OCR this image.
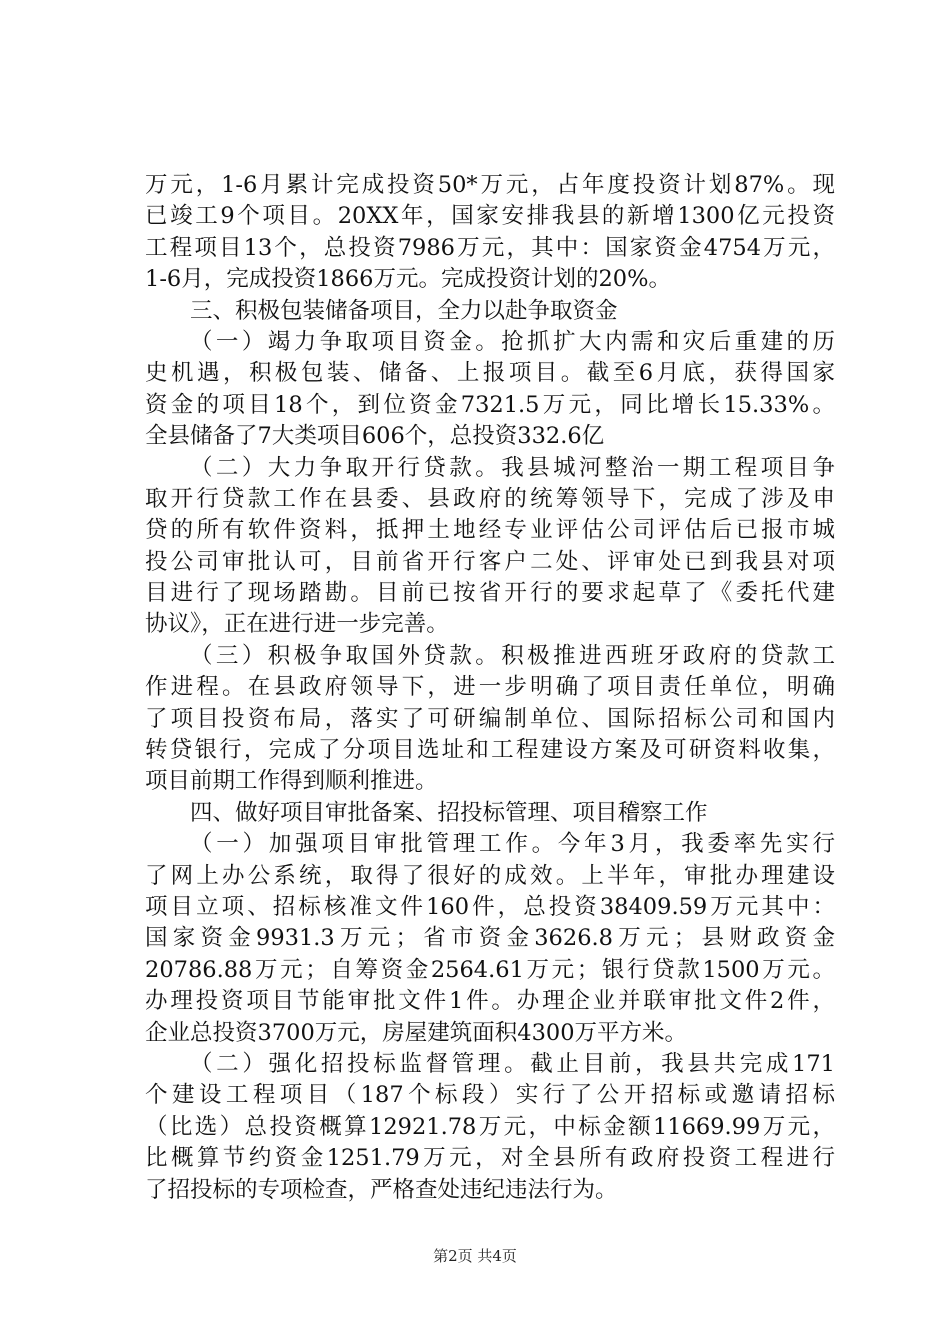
万元，1-6月累计完成投资50*万元，占年度投资计划87%。现
已竣工9个项目。20XX年，国家安排我县的新增1300亿元投资
工程项目13个，总投资7986万元，其中：国家资金4754万元，
1-6月，完成投资1866万元。完成投资计划的20%。
三、积极包装储备项目，全力以赴争取资金
（一）竭力争取项目资金。抢抓扩大内需和灾后重建的历
史机遇，积极包装、储备、上报项目。截至6月底，获得国家
资金的项目18个，到位资金7321.5万元，同比增长15.33%。
全县储备了7大类项目606个，总投资332.6亿
（二）大力争取开行贷款。我县城河整治一期工程项目争
取开行贷款工作在县委、县政府的统筹领导下，完成了涉及申
贷的所有软件资料，抵押土地经专业评估公司评估后已报市城
投公司审批认可，目前省开行客户二处、评审处已到我县对项
目进行了现场踏勘。目前已按省开行的要求起草了《委托代建
协议》，正在进行进一步完善。
（三）积极争取国外贷款。积极推进西班牙政府的贷款工
作进程。在县政府领导下，进一步明确了项目责任单位，明确
了项目投资布局，落实了可研编制单位、国际招标公司和国内
转贷银行，完成了分项目选址和工程建设方案及可研资料收集，
项目前期工作得到顺利推进。
四、做好项目审批备案、招投标管理、项目稽察工作
（一）加强项目审批管理工作。今年3月，我委率先实行
了网上办公系统，取得了很好的成效。上半年，审批办理建设
项目立项、招标核准文件160件，总投资38409.59万元其中：
国家资金9931.3万元；省市资金3626.8万元；县财政资金
20786.88万元；自筹资金2564.61万元；银行贷款1500万元。
办理投资项目节能审批文件1件。办理企业并联审批文件2件，
企业总投资3700万元，房屋建筑面积4300万平方米。
（二）强化招投标监督管理。截止目前，我县共完成171
个建设工程项目（187个标段）实行了公开招标或邀请招标
（比选）总投资概算12921.78万元，中标金额11669.99万元，
比概算节约资金1251.79万元，对全县所有政府投资工程进行
了招投标的专项检查，严格查处违纪违法行为。
第2页 共4页
